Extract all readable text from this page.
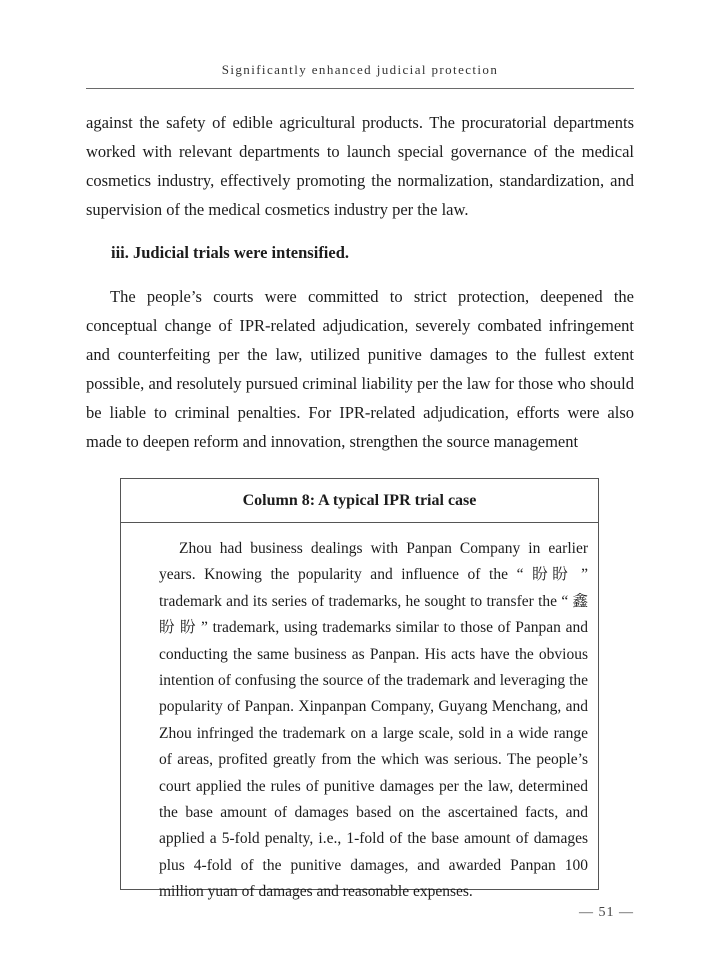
Significantly enhanced judicial protection

against the safety of edible agricultural products. The procuratorial departments worked with relevant departments to launch special governance of the medical cosmetics industry, effectively promoting the normalization, standardization, and supervision of the medical cosmetics industry per the law.

iii. Judicial trials were intensified.

The people’s courts were committed to strict protection, deepened the conceptual change of IPR-related adjudication, severely combated infringement and counterfeiting per the law, utilized punitive damages to the fullest extent possible, and resolutely pursued criminal liability per the law for those who should be liable to criminal penalties. For IPR-related adjudication, efforts were also made to deepen reform and innovation, strengthen the source management

Column 8: A typical IPR trial case
Zhou had business dealings with Panpan Company in earlier years. Knowing the popularity and influence of the “ 盼盼 ” trademark and its series of trademarks, he sought to transfer the “ 鑫 盼 盼 ” trademark, using trademarks similar to those of Panpan and conducting the same business as Panpan. His acts have the obvious intention of confusing the source of the trademark and leveraging the popularity of Panpan. Xinpanpan Company, Guyang Menchang, and Zhou infringed the trademark on a large scale, sold in a wide range of areas, profited greatly from the which was serious. The people’s court applied the rules of punitive damages per the law, determined the base amount of damages based on the ascertained facts, and applied a 5-fold penalty, i.e., 1-fold of the base amount of damages plus 4-fold of the punitive damages, and awarded Panpan 100 million yuan of damages and reasonable expenses.
— 51 —
